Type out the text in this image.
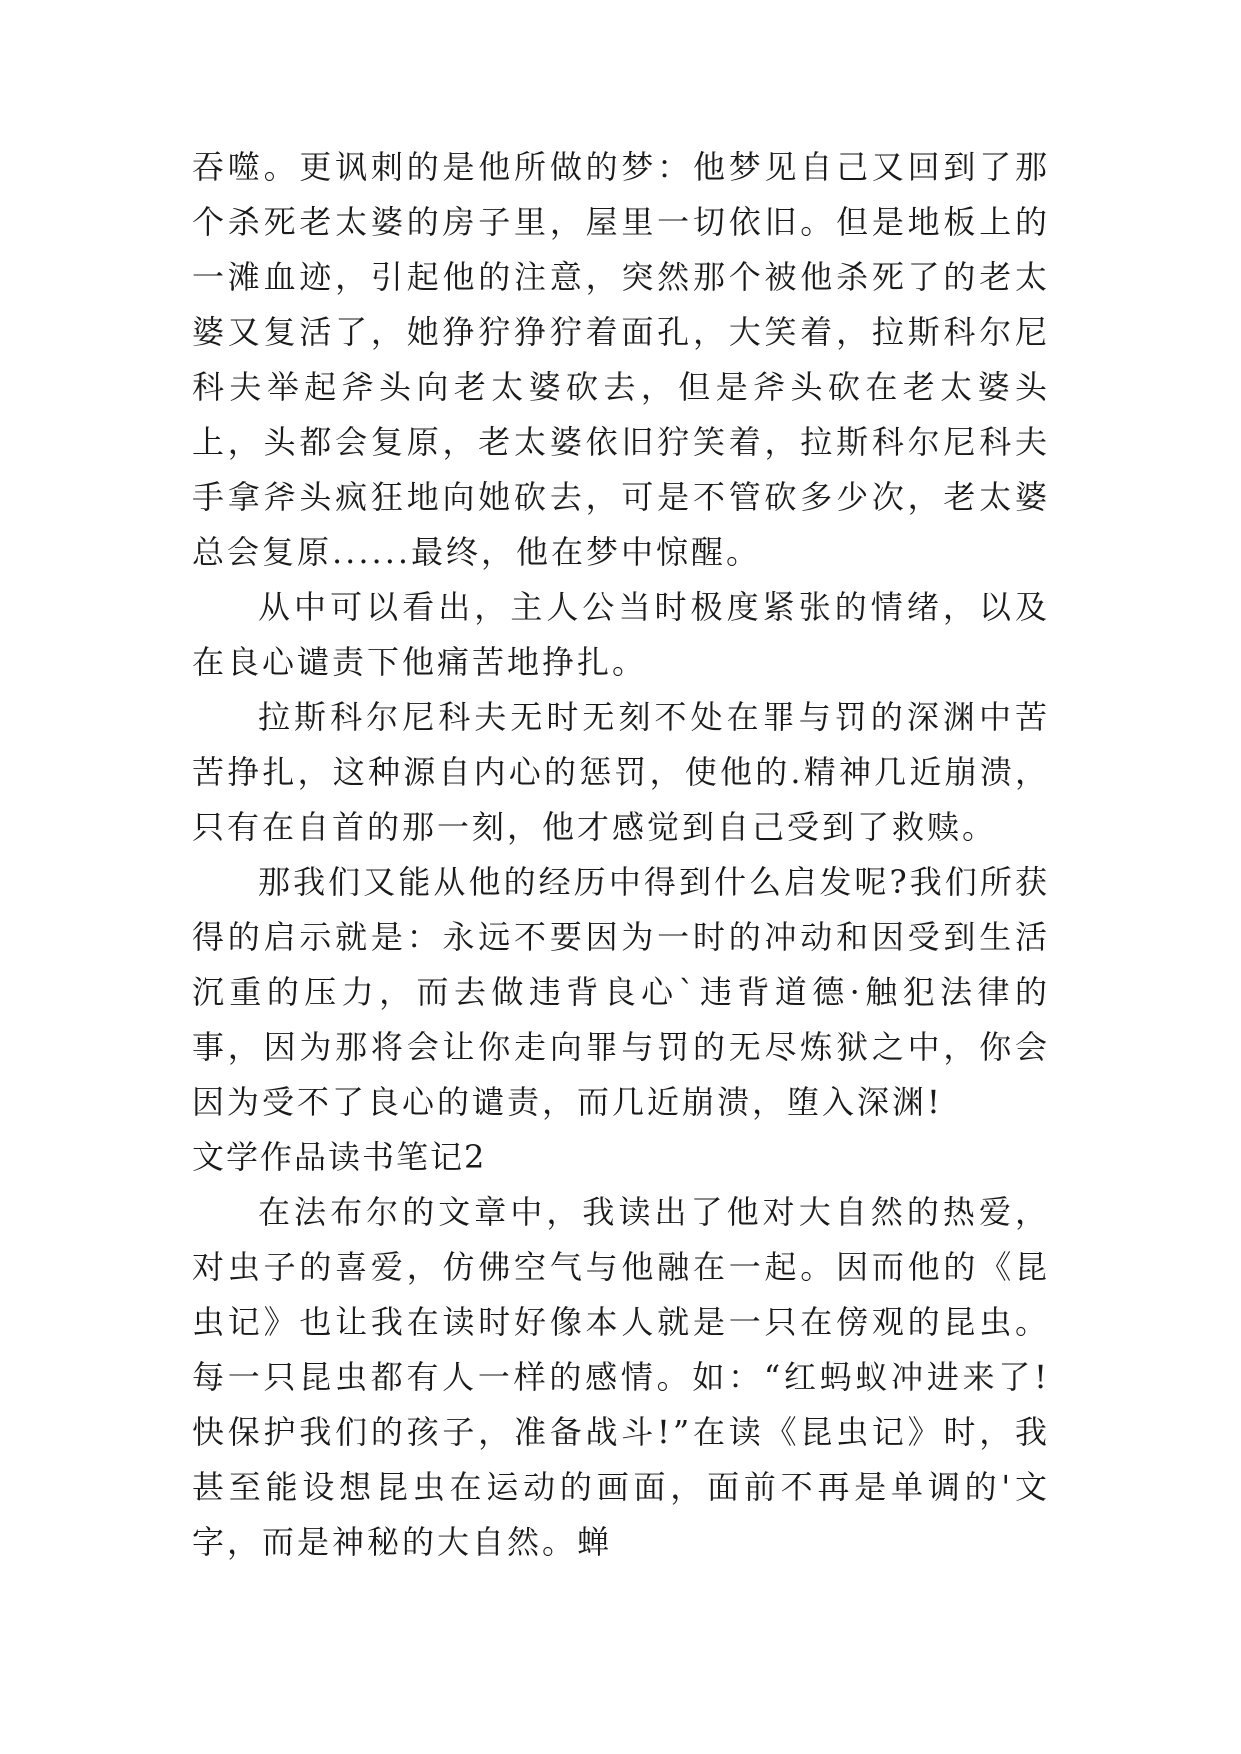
吞噬。更讽刺的是他所做的梦：他梦见自己又回到了那个杀死老太婆的房子里，屋里一切依旧。但是地板上的一滩血迹，引起他的注意，突然那个被他杀死了的老太婆又复活了，她狰狞狰狞着面孔，大笑着，拉斯科尔尼科夫举起斧头向老太婆砍去，但是斧头砍在老太婆头上，头都会复原，老太婆依旧狞笑着，拉斯科尔尼科夫手拿斧头疯狂地向她砍去，可是不管砍多少次，老太婆总会复原......最终，他在梦中惊醒。

从中可以看出，主人公当时极度紧张的情绪，以及在良心谴责下他痛苦地挣扎。

拉斯科尔尼科夫无时无刻不处在罪与罚的深渊中苦苦挣扎，这种源自内心的惩罚，使他的.精神几近崩溃，只有在自首的那一刻，他才感觉到自己受到了救赎。

那我们又能从他的经历中得到什么启发呢?我们所获得的启示就是：永远不要因为一时的冲动和因受到生活沉重的压力，而去做违背良心`违背道德·触犯法律的事，因为那将会让你走向罪与罚的无尽炼狱之中，你会因为受不了良心的谴责，而几近崩溃，堕入深渊!

文学作品读书笔记2

在法布尔的文章中，我读出了他对大自然的热爱，对虫子的喜爱，仿佛空气与他融在一起。因而他的《昆虫记》也让我在读时好像本人就是一只在傍观的昆虫。每一只昆虫都有人一样的感情。如：“红蚂蚁冲进来了!快保护我们的孩子，准备战斗!”在读《昆虫记》时，我甚至能设想昆虫在运动的画面，面前不再是单调的'文字，而是神秘的大自然。蝉
